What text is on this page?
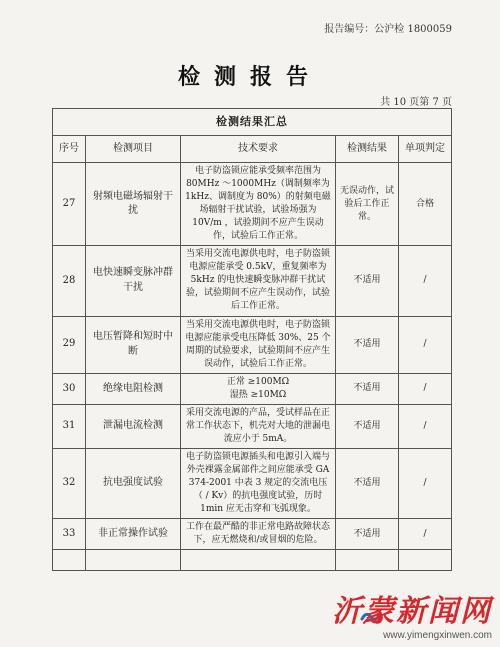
报告编号：公沪检 1800059
检测报告
共 10 页第 7 页
检测结果汇总				
序号	检测项目	技术要求	检测结果	单项判定
27	射频电磁场辐射干扰	电子防盗锁应能承受频率范围为 80MHz ～1000MHz（调制频率为 1kHz、调制度为 80%）的射频电磁场辐射干扰试验，试验场强为 10V/m ，试验期间不应产生误动作，试验后工作正常。	无误动作，试验后工作正常。	合格
28	电快速瞬变脉冲群干扰	当采用交流电源供电时，电子防盗锁电源应能承受 0.5kV，重复频率为 5kHz 的电快速瞬变脉冲群干扰试验，试验期间不应产生误动作，试验后工作正常。	不适用	/
29	电压暂降和短时中断	当采用交流电源供电时，电子防盗锁电源应能承受电压降低 30%、25 个周期的试验要求，试验期间不应产生误动作，试验后工作正常。	不适用	/
30	绝缘电阻检测	正常 ≥100MΩ
湿热 ≥10MΩ	不适用	/
31	泄漏电流检测	采用交流电源的产品，受试样品在正常工作状态下，机壳对大地的泄漏电流应小于 5mA。	不适用	/
32	抗电强度试验	电子防盗锁电源插头和电源引入端与外壳裸露金属部件之间应能承受 GA 374-2001 中表 3 规定的交流电压（ / Kv）的抗电强度试验，历时 1min 应无击穿和飞弧现象。	不适用	/
33	非正常操作试验	工作在最严酷的非正常电路故障状态下，应无燃烧和/或冒烟的危险。	不适用	/

沂蒙新闻网
www.yimengxinwen.com
